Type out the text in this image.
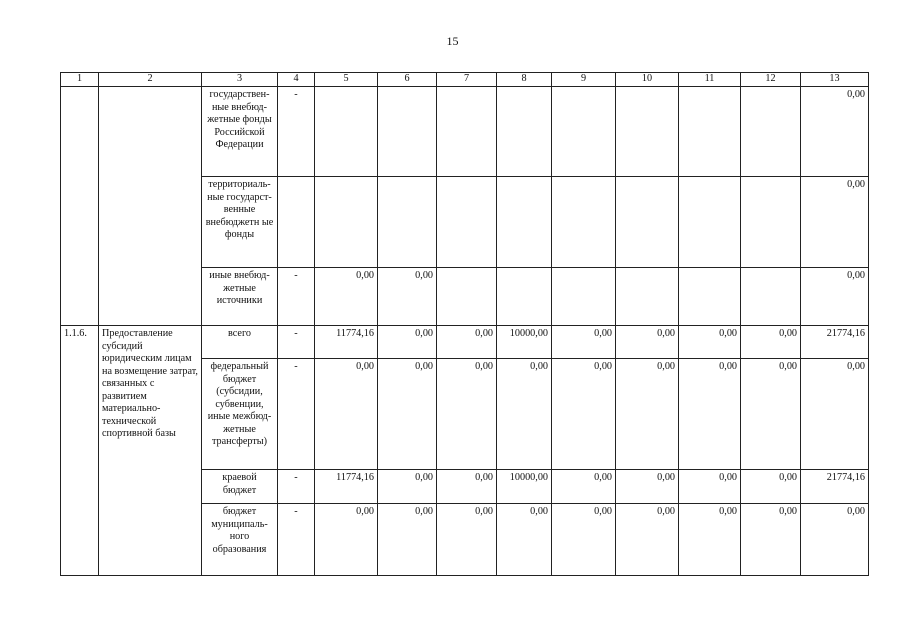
15
1	2	3	4	5	6	7	8	9	10	11	12	13
		государствен-ные внебюд-жетные фонды Российской Федерации	-									0,00
		территориаль-ные государст-венные внебюджетн ые фонды										0,00
		иные внебюд-жетные источники	-	0,00	0,00							0,00
1.1.6.	Предоставление субсидий юридическим лицам на возмещение затрат, связанных с развитием материально-технической спортивной базы	всего	-	11774,16	0,00	0,00	10000,00	0,00	0,00	0,00	0,00	21774,16
		федеральный бюджет (субсидии, субвенции, иные межбюд-жетные трансферты)	-	0,00	0,00	0,00	0,00	0,00	0,00	0,00	0,00	0,00
		краевой бюджет	-	11774,16	0,00	0,00	10000,00	0,00	0,00	0,00	0,00	21774,16
		бюджет муниципаль-ного образования	-	0,00	0,00	0,00	0,00	0,00	0,00	0,00	0,00	0,00
